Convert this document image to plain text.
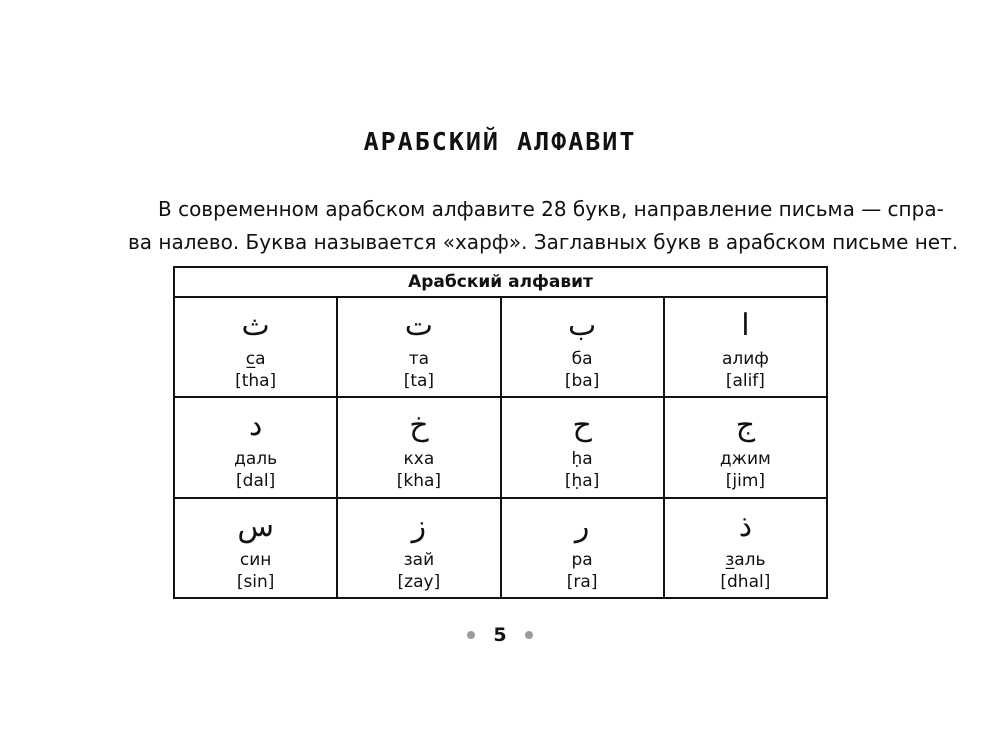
АРАБСКИЙ АЛФАВИТ
В современном арабском алфавите 28 букв, направление письма — спра-
ва налево. Буква называется «харф». Заглавных букв в арабском письме нет.
Арабский алфавит			

ث
с̲а
[tha]	ت
та
[ta]	ب
ба
[ba]	ا
алиф
[alif]

د
даль
[dal]	خ
кха
[kha]	ح
ḥа
[ḥa]	ج
джим
[jim]

س
син
[sin]	ز
зай
[zay]	ر
ра
[ra]	ذ
з̲аль
[dhal]
5
